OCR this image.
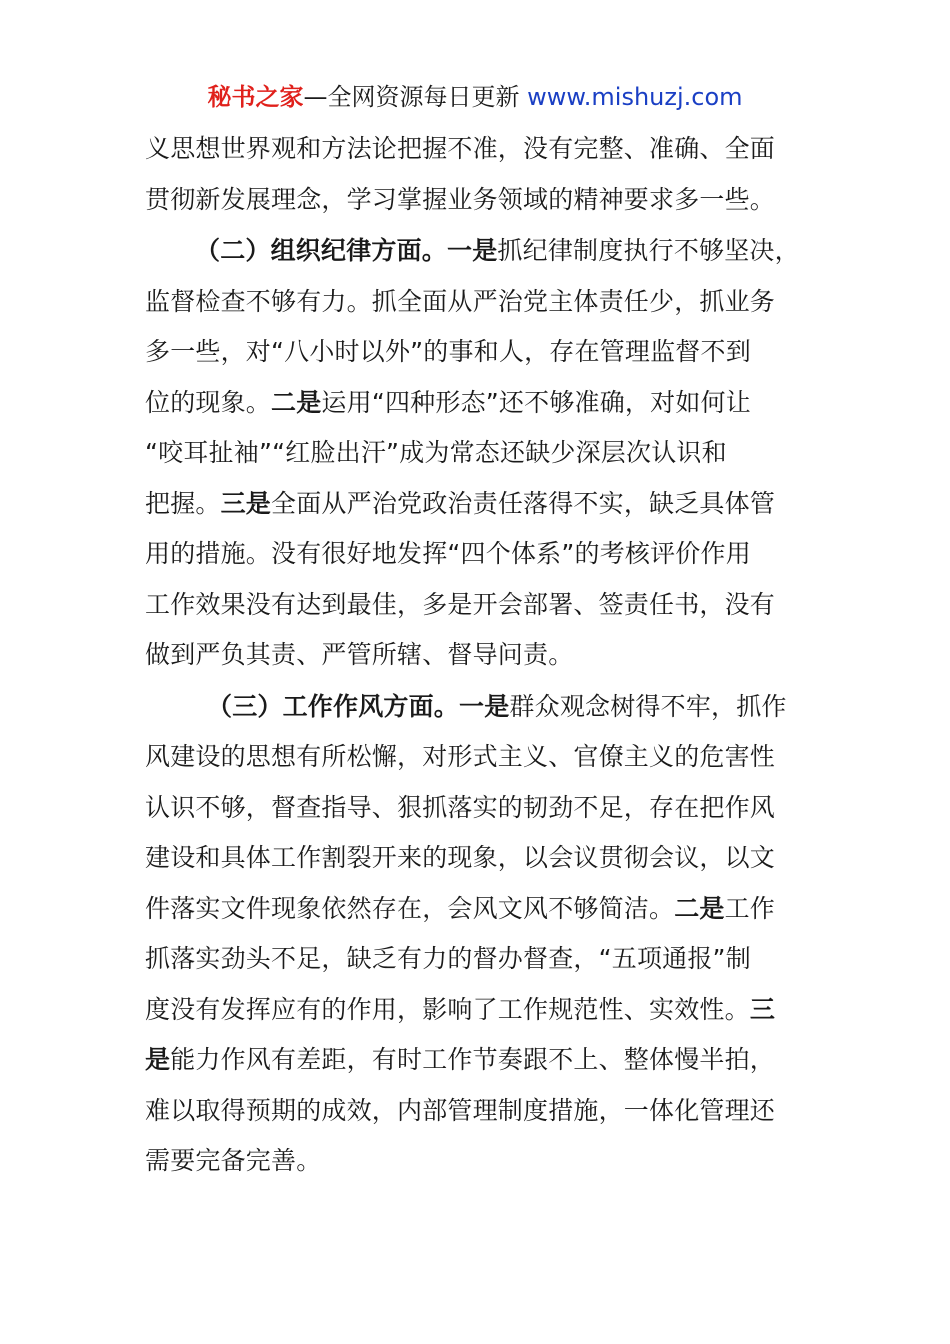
秘书之家—全网资源每日更新 www.mishuzj.com

义思想世界观和方法论把握不准，没有完整、准确、全面
贯彻新发展理念，学习掌握业务领域的精神要求多一些。

（二）组织纪律方面。一是抓纪律制度执行不够坚决，
监督检查不够有力。抓全面从严治党主体责任少，抓业务
多一些，对“八小时以外”的事和人，存在管理监督不到
位的现象。二是运用“四种形态”还不够准确，对如何让
“咬耳扯袖”“红脸出汗”成为常态还缺少深层次认识和
把握。三是全面从严治党政治责任落得不实，缺乏具体管
用的措施。没有很好地发挥“四个体系”的考核评价作用
工作效果没有达到最佳，多是开会部署、签责任书，没有
做到严负其责、严管所辖、督导问责。

（三）工作作风方面。一是群众观念树得不牢，抓作
风建设的思想有所松懈，对形式主义、官僚主义的危害性
认识不够，督查指导、狠抓落实的韧劲不足，存在把作风
建设和具体工作割裂开来的现象，以会议贯彻会议，以文
件落实文件现象依然存在，会风文风不够简洁。二是工作
抓落实劲头不足，缺乏有力的督办督查，“五项通报”制
度没有发挥应有的作用，影响了工作规范性、实效性。三
是能力作风有差距，有时工作节奏跟不上、整体慢半拍，
难以取得预期的成效，内部管理制度措施，一体化管理还
需要完备完善。
